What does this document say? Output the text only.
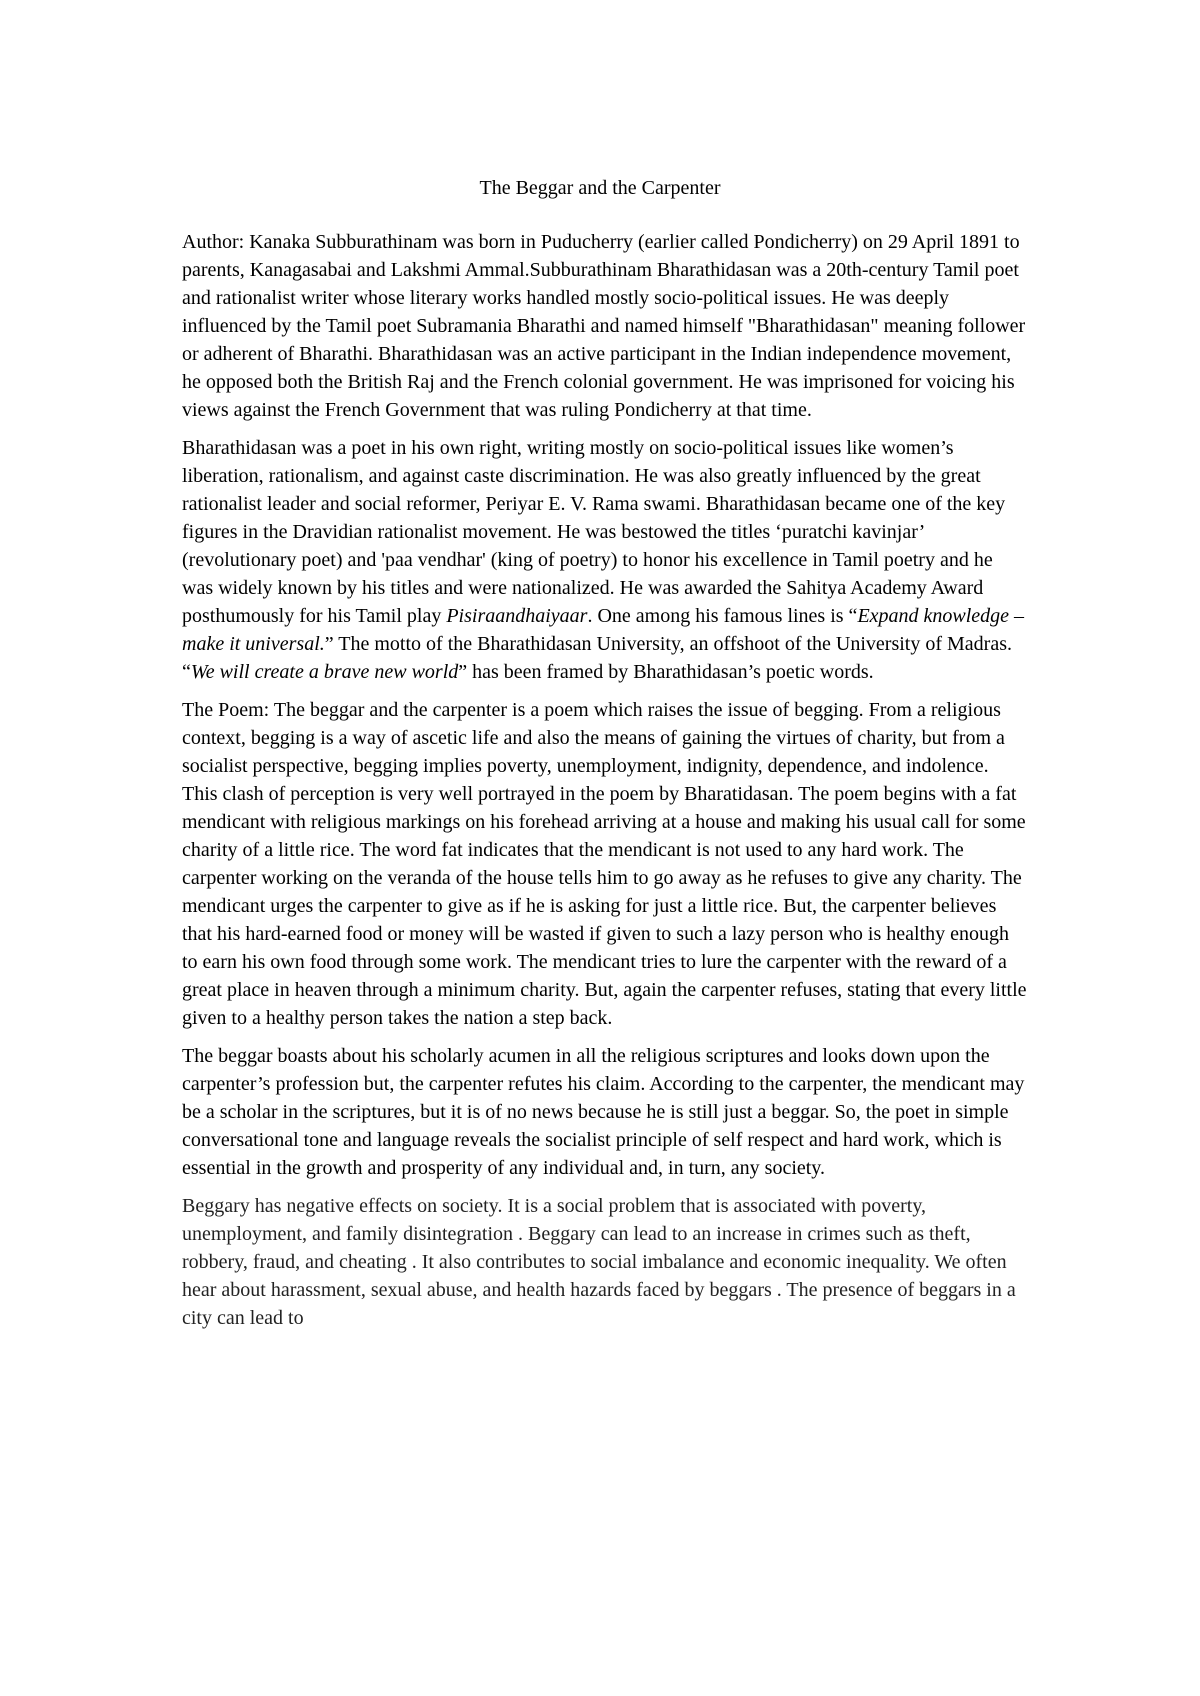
The Beggar and the Carpenter

Author: Kanaka Subburathinam was born in Puducherry (earlier called Pondicherry) on 29 April 1891 to parents, Kanagasabai and Lakshmi Ammal.Subburathinam Bharathidasan was a 20th-century Tamil poet and rationalist writer whose literary works handled mostly socio-political issues. He was deeply influenced by the Tamil poet Subramania Bharathi and named himself "Bharathidasan" meaning follower or adherent of Bharathi. Bharathidasan was an active participant in the Indian independence movement, he opposed both the British Raj and the French colonial government. He was imprisoned for voicing his views against the French Government that was ruling Pondicherry at that time.

Bharathidasan was a poet in his own right, writing mostly on socio-political issues like women’s liberation, rationalism, and against caste discrimination. He was also greatly influenced by the great rationalist leader and social reformer, Periyar E. V. Rama swami. Bharathidasan became one of the key figures in the Dravidian rationalist movement. He was bestowed the titles ‘puratchi kavinjar’ (revolutionary poet) and 'paa vendhar' (king of poetry) to honor his excellence in Tamil poetry and he was widely known by his titles and were nationalized. He was awarded the Sahitya Academy Award posthumously for his Tamil play Pisiraandhaiyaar. One among his famous lines is “Expand knowledge – make it universal.” The motto of the Bharathidasan University, an offshoot of the University of Madras. “We will create a brave new world” has been framed by Bharathidasan’s poetic words.

The Poem: The beggar and the carpenter is a poem which raises the issue of begging. From a religious context, begging is a way of ascetic life and also the means of gaining the virtues of charity, but from a socialist perspective, begging implies poverty, unemployment, indignity, dependence, and indolence. This clash of perception is very well portrayed in the poem by Bharatidasan. The poem begins with a fat mendicant with religious markings on his forehead arriving at a house and making his usual call for some charity of a little rice. The word fat indicates that the mendicant is not used to any hard work. The carpenter working on the veranda of the house tells him to go away as he refuses to give any charity. The mendicant urges the carpenter to give as if he is asking for just a little rice. But, the carpenter believes that his hard-earned food or money will be wasted if given to such a lazy person who is healthy enough to earn his own food through some work. The mendicant tries to lure the carpenter with the reward of a great place in heaven through a minimum charity. But, again the carpenter refuses, stating that every little given to a healthy person takes the nation a step back.

The beggar boasts about his scholarly acumen in all the religious scriptures and looks down upon the carpenter’s profession but, the carpenter refutes his claim. According to the carpenter, the mendicant may be a scholar in the scriptures, but it is of no news because he is still just a beggar. So, the poet in simple conversational tone and language reveals the socialist principle of self respect and hard work, which is essential in the growth and prosperity of any individual and, in turn, any society.

Beggary has negative effects on society. It is a social problem that is associated with poverty, unemployment, and family disintegration . Beggary can lead to an increase in crimes such as theft, robbery, fraud, and cheating . It also contributes to social imbalance and economic inequality. We often hear about harassment, sexual abuse, and health hazards faced by beggars . The presence of beggars in a city can lead to
